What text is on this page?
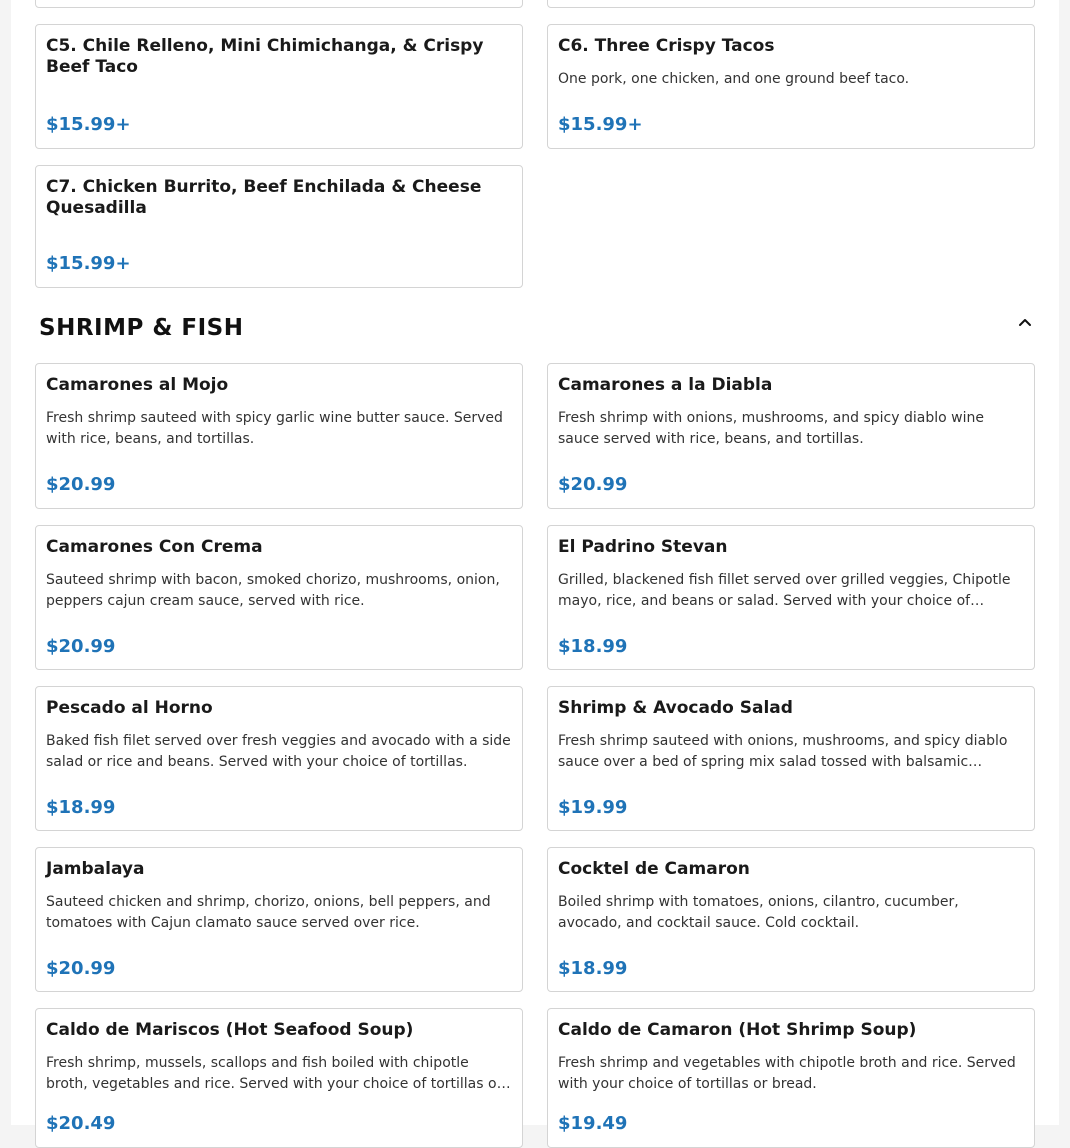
C5. Chile Relleno, Mini Chimichanga, & Crispy Beef Taco
$15.99+
C6. Three Crispy Tacos
One pork, one chicken, and one ground beef taco.
$15.99+
C7. Chicken Burrito, Beef Enchilada & Cheese Quesadilla
$15.99+
SHRIMP & FISH
Camarones al Mojo
Fresh shrimp sauteed with spicy garlic wine butter sauce. Served with rice, beans, and tortillas.
$20.99
Camarones a la Diabla
Fresh shrimp with onions, mushrooms, and spicy diablo wine sauce served with rice, beans, and tortillas.
$20.99
Camarones Con Crema
Sauteed shrimp with bacon, smoked chorizo, mushrooms, onion, peppers cajun cream sauce, served with rice.
$20.99
El Padrino Stevan
Grilled, blackened fish fillet served over grilled veggies, Chipotle mayo, rice, and beans or salad. Served with your choice of…
$18.99
Pescado al Horno
Baked fish filet served over fresh veggies and avocado with a side salad or rice and beans. Served with your choice of tortillas.
$18.99
Shrimp & Avocado Salad
Fresh shrimp sauteed with onions, mushrooms, and spicy diablo sauce over a bed of spring mix salad tossed with balsamic…
$19.99
Jambalaya
Sauteed chicken and shrimp, chorizo, onions, bell peppers, and tomatoes with Cajun clamato sauce served over rice.
$20.99
Cocktel de Camaron
Boiled shrimp with tomatoes, onions, cilantro, cucumber, avocado, and cocktail sauce. Cold cocktail.
$18.99
Caldo de Mariscos (Hot Seafood Soup)
Fresh shrimp, mussels, scallops and fish boiled with chipotle broth, vegetables and rice. Served with your choice of tortillas o…
$20.49
Caldo de Camaron (Hot Shrimp Soup)
Fresh shrimp and vegetables with chipotle broth and rice. Served with your choice of tortillas or bread.
$19.49
